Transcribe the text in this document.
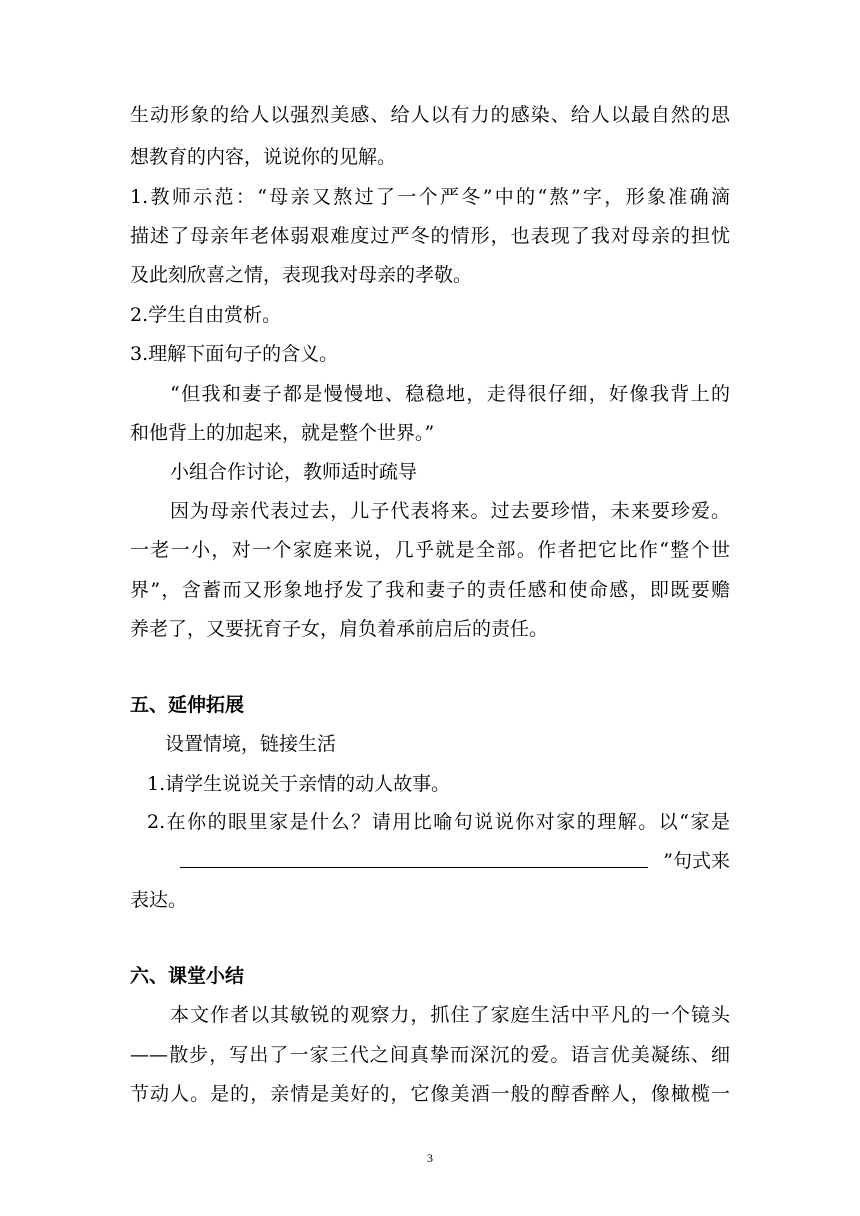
生动形象的给人以强烈美感、给人以有力的感染、给人以最自然的思
想教育的内容，说说你的见解。
1.教师示范：“母亲又熬过了一个严冬”中的“熬”字，形象准确滴
描述了母亲年老体弱艰难度过严冬的情形，也表现了我对母亲的担忧
及此刻欣喜之情，表现我对母亲的孝敬。
2.学生自由赏析。
3.理解下面句子的含义。
“但我和妻子都是慢慢地、稳稳地，走得很仔细，好像我背上的
和他背上的加起来，就是整个世界。”
小组合作讨论，教师适时疏导
因为母亲代表过去，儿子代表将来。过去要珍惜，未来要珍爱。
一老一小，对一个家庭来说，几乎就是全部。作者把它比作“整个世
界”，含蓄而又形象地抒发了我和妻子的责任感和使命感，即既要赡
养老了，又要抚育子女，肩负着承前启后的责任。
五、延伸拓展
设置情境，链接生活
1.请学生说说关于亲情的动人故事。
2.在你的眼里家是什么？请用比喻句说说你对家的理解。以“家是
”句式来
表达。
六、课堂小结
本文作者以其敏锐的观察力，抓住了家庭生活中平凡的一个镜头
——散步，写出了一家三代之间真挚而深沉的爱。语言优美凝练、细
节动人。是的，亲情是美好的，它像美酒一般的醇香醉人，像橄榄一
3
